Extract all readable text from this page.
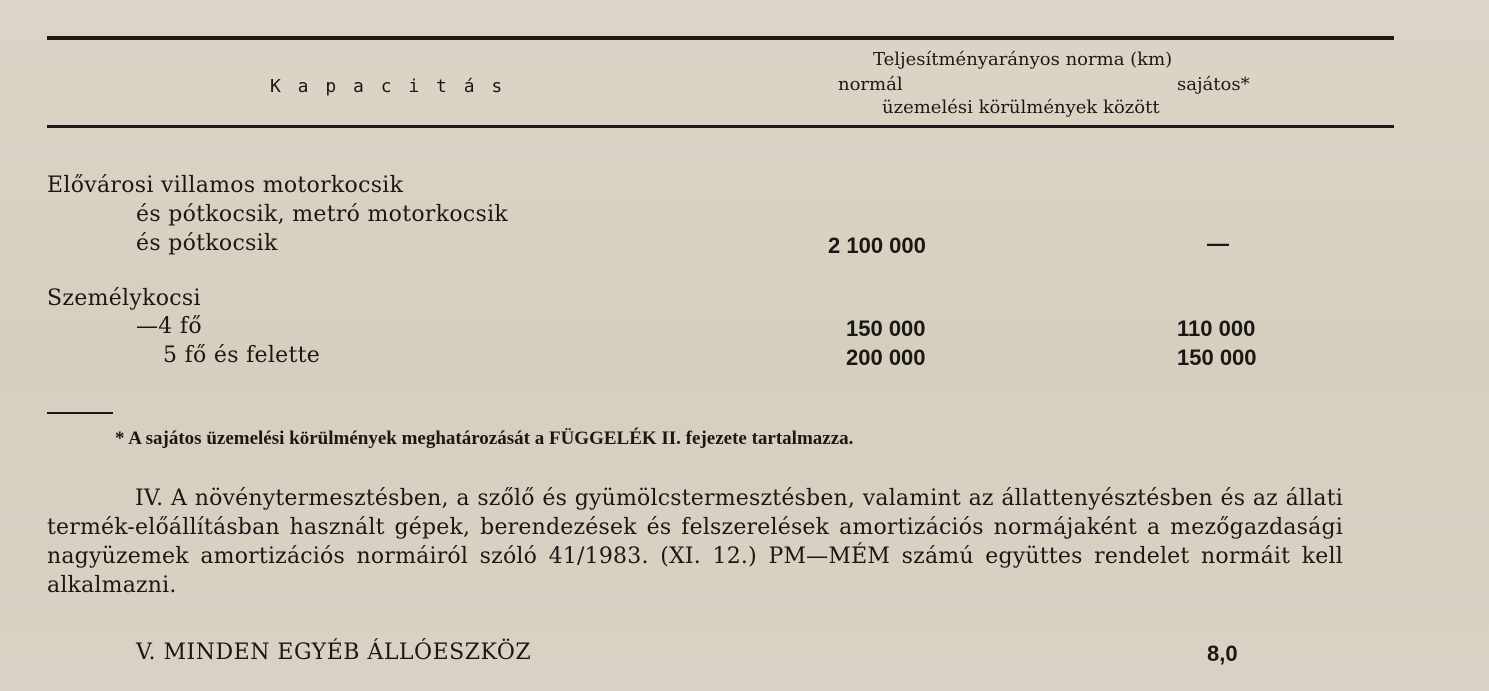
K a p a c i t á s
Teljesítményarányos norma (km)
normál	sajátos*
üzemelési körülmények között
Elővárosi villamos motorkocsik
és pótkocsik, metró motorkocsik
és pótkocsik	2 100 000	—
Személykocsi
—4 fő	150 000	110 000
5 fő és felette	200 000	150 000
* A sajátos üzemelési körülmények meghatározását a FÜGGELÉK II. fejezete tartalmazza.
IV. A növénytermesztésben, a szőlő és gyümölcstermesztésben, valamint az állattenyésztésben és az állati termék-előállításban használt gépek, berendezések és felszerelések amortizációs normájaként a mezőgazdasági nagyüzemek amortizációs normáiról szóló 41/1983. (XI. 12.) PM—MÉM számú együttes rendelet normáit kell alkalmazni.
V. MINDEN EGYÉB ÁLLÓESZKÖZ	8,0
